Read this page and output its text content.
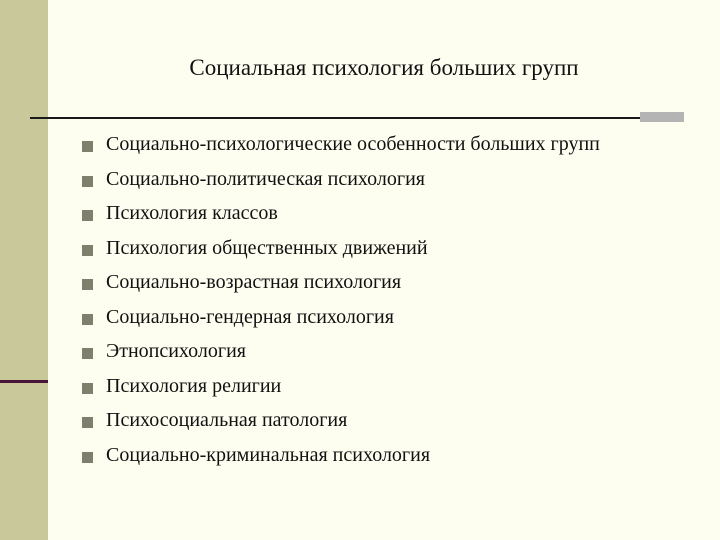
Социальная психология больших групп
Социально-психологические особенности больших групп
Социально-политическая психология
Психология классов
Психология общественных движений
Социально-возрастная психология
Социально-гендерная психология
Этнопсихология
Психология религии
Психосоциальная патология
Социально-криминальная психология
